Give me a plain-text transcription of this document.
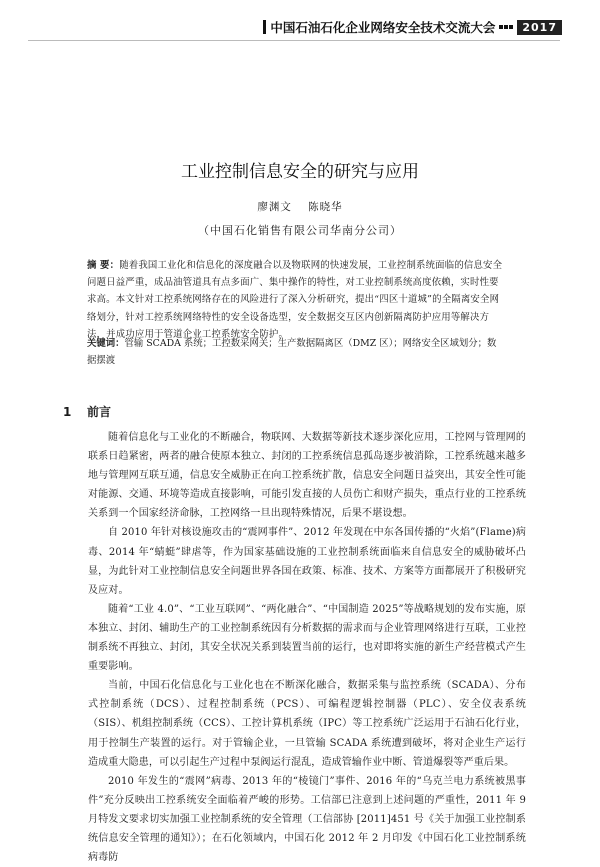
中国石油石化企业网络安全技术交流大会	2017
工业控制信息安全的研究与应用
廖渊文 陈晓华
（中国石化销售有限公司华南分公司）
摘 要：随着我国工业化和信息化的深度融合以及物联网的快速发展，工业控制系统面临的信息安全问题日益严重，成品油管道具有点多面广、集中操作的特性，对工业控制系统高度依赖，实时性要求高。本文针对工控系统网络存在的风险进行了深入分析研究，提出“四区十道城”的全隔离安全网络划分，针对工控系统网络特性的安全设备选型，安全数据交互区内创新隔离防护应用等解决方法，并成功应用于管道企业工控系统安全防护。
关键词：管输 SCADA 系统；工控数采网关；生产数据隔离区（DMZ 区）；网络安全区域划分；数据摆渡
1 前言

随着信息化与工业化的不断融合，物联网、大数据等新技术逐步深化应用，工控网与管理网的联系日趋紧密，两者的融合使原本独立、封闭的工控系统信息孤岛逐步被消除，工控系统越来越多地与管理网互联互通，信息安全威胁正在向工控系统扩散，信息安全问题日益突出，其安全性可能对能源、交通、环境等造成直接影响，可能引发直接的人员伤亡和财产损失，重点行业的工控系统关系到一个国家经济命脉，工控网络一旦出现特殊情况，后果不堪设想。

自 2010 年针对核设施攻击的“震网事件”、2012 年发现在中东各国传播的“火焰”(Flame)病毒、2014 年“蜻蜓”肆虐等，作为国家基础设施的工业控制系统面临来自信息安全的威胁破坏凸显，为此针对工业控制信息安全问题世界各国在政策、标准、技术、方案等方面都展开了积极研究及应对。

随着“工业 4.0”、“工业互联网”、“两化融合”、“中国制造 2025”等战略规划的发布实施，原本独立、封闭、辅助生产的工业控制系统因有分析数据的需求而与企业管理网络进行互联，工业控制系统不再独立、封闭，其安全状况关系到装置当前的运行，也对即将实施的新生产经营模式产生重要影响。

当前，中国石化信息化与工业化也在不断深化融合，数据采集与监控系统（SCADA）、分布式控制系统（DCS）、过程控制系统（PCS）、可编程逻辑控制器（PLC）、安全仪表系统（SIS）、机组控制系统（CCS）、工控计算机系统（IPC）等工控系统广泛运用于石油石化行业，用于控制生产装置的运行。对于管输企业，一旦管输 SCADA 系统遭到破坏，将对企业生产运行造成重大隐患，可以引起生产过程中泵阀运行混乱，造成管输作业中断、管道爆裂等严重后果。

2010 年发生的“震网”病毒、2013 年的“棱镜门”事件、2016 年的“乌克兰电力系统被黑事件”充分反映出工控系统安全面临着严峻的形势。工信部已注意到上述问题的严重性，2011 年 9 月特发文要求切实加强工业控制系统的安全管理（工信部协 [2011]451 号《关于加强工业控制系统信息安全管理的通知》）；在石化领域内，中国石化 2012 年 2 月印发《中国石化工业控制系统病毒防
